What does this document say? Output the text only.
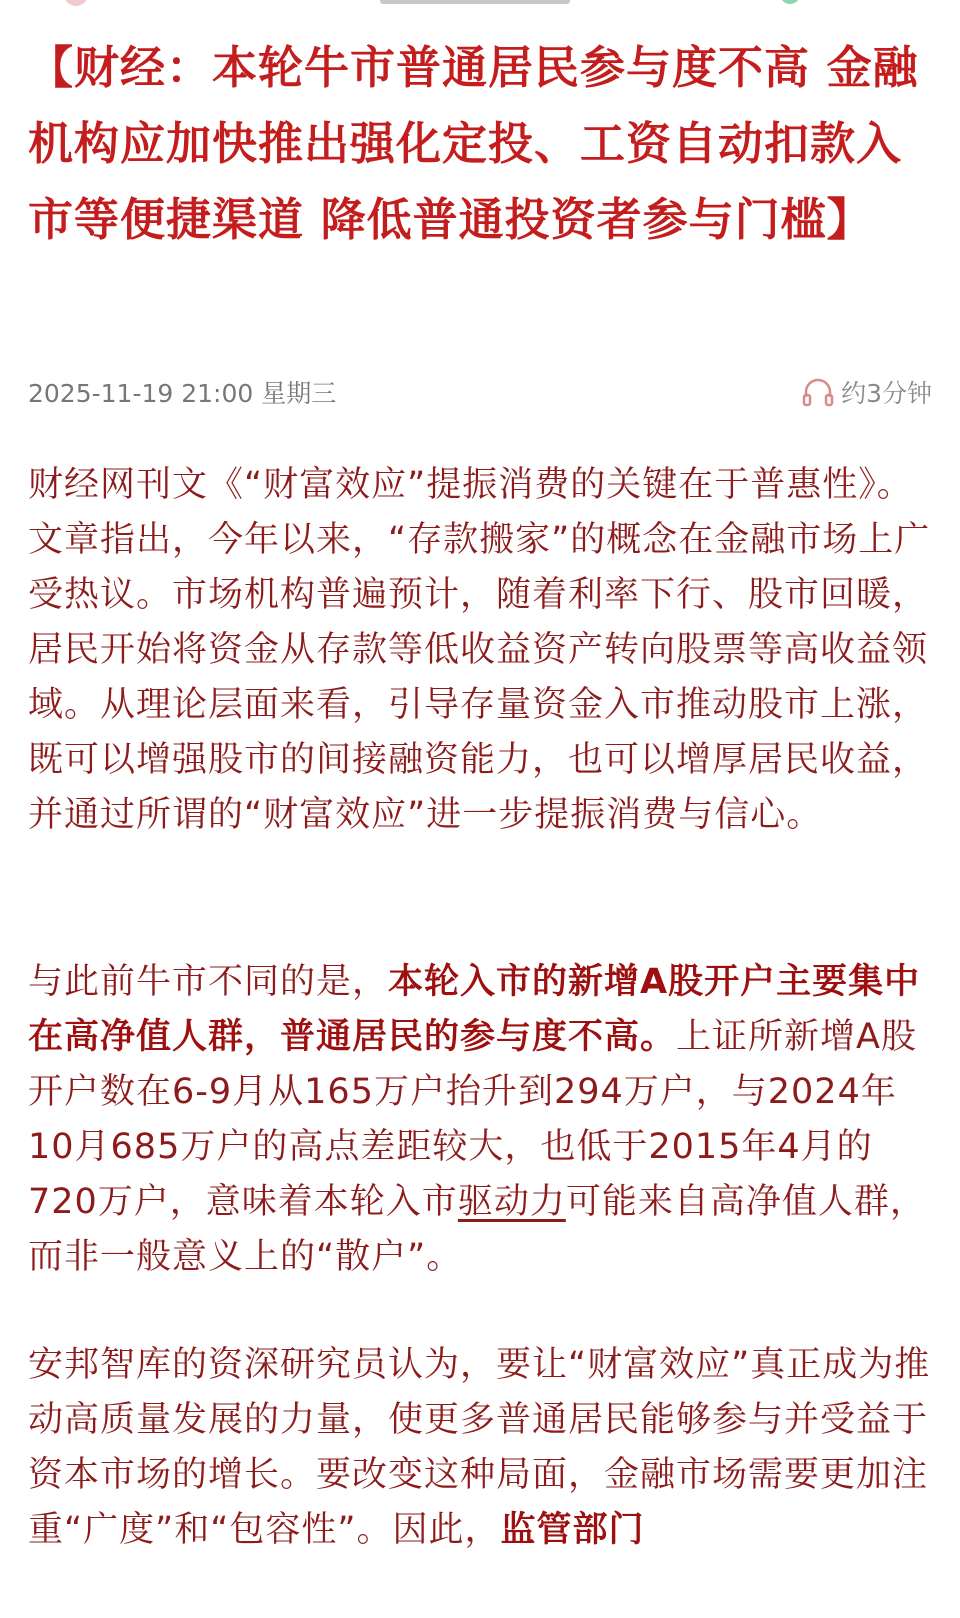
【财经：本轮牛市普通居民参与度不高 金融机构应加快推出强化定投、工资自动扣款入市等便捷渠道 降低普通投资者参与门槛】
2025-11-19 21:00 星期三	约3分钟

财经网刊文《“财富效应”提振消费的关键在于普惠性》。文章指出，今年以来，“存款搬家”的概念在金融市场上广受热议。市场机构普遍预计，随着利率下行、股市回暖，居民开始将资金从存款等低收益资产转向股票等高收益领域。从理论层面来看，引导存量资金入市推动股市上涨，既可以增强股市的间接融资能力，也可以增厚居民收益，并通过所谓的“财富效应”进一步提振消费与信心。

与此前牛市不同的是，本轮入市的新增A股开户主要集中在高净值人群，普通居民的参与度不高。上证所新增A股开户数在6-9月从165万户抬升到294万户，与2024年10月685万户的高点差距较大，也低于2015年4月的720万户，意味着本轮入市驱动力可能来自高净值人群，而非一般意义上的“散户”。

安邦智库的资深研究员认为，要让“财富效应”真正成为推动高质量发展的力量，使更多普通居民能够参与并受益于资本市场的增长。要改变这种局面，金融市场需要更加注重“广度”和“包容性”。因此，监管部门
